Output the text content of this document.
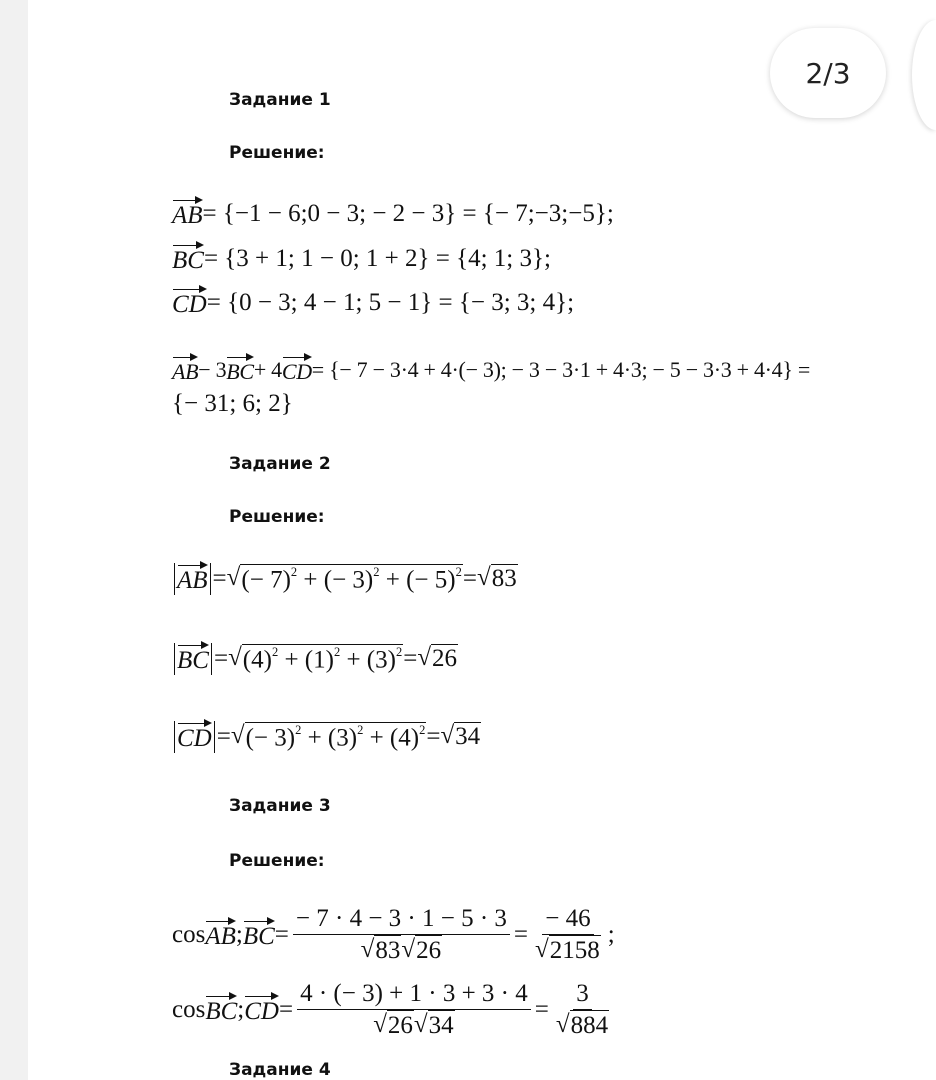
Задание 1
Решение:
Задание 2
Решение:
Задание 3
Решение:
Задание 4
AB = {−1 − 6;0 − 3; − 2 − 3} = {− 7;−3;−5};
BC = {3 + 1; 1 − 0; 1 + 2} = {4; 1; 3};
CD = {0 − 3; 4 − 1; 5 − 1} = {− 3; 3; 4};
AB − 3 BC + 4 CD = {− 7 − 3·4 + 4·(− 3); − 3 − 3·1 + 4·3; − 5 − 3·3 + 4·4} =
{− 31; 6; 2}
AB = √ (− 7)$^2$ + (− 3)$^2$ + (− 5)$^2$ = √ 83
BC = √ $(4)^2 + (1)^2 + (3)^2$ = √ 26
CD = √ (− $3)^2 + (3)^2 + (4)^2$ = √ 34
cos AB ; BC = $\frac{- 7 \cdot 4 - 3 \cdot 1 - 5 \cdot 3}{√ 83 √ 26} = \frac{- 46}{√ 2158}$ ;
cos BC ; CD = $\frac{4 \cdot (- 3) + 1 \cdot 3 + 3 \cdot 4}{√ 26 √ 34} = \frac{3}{√ 884}$
2/3
